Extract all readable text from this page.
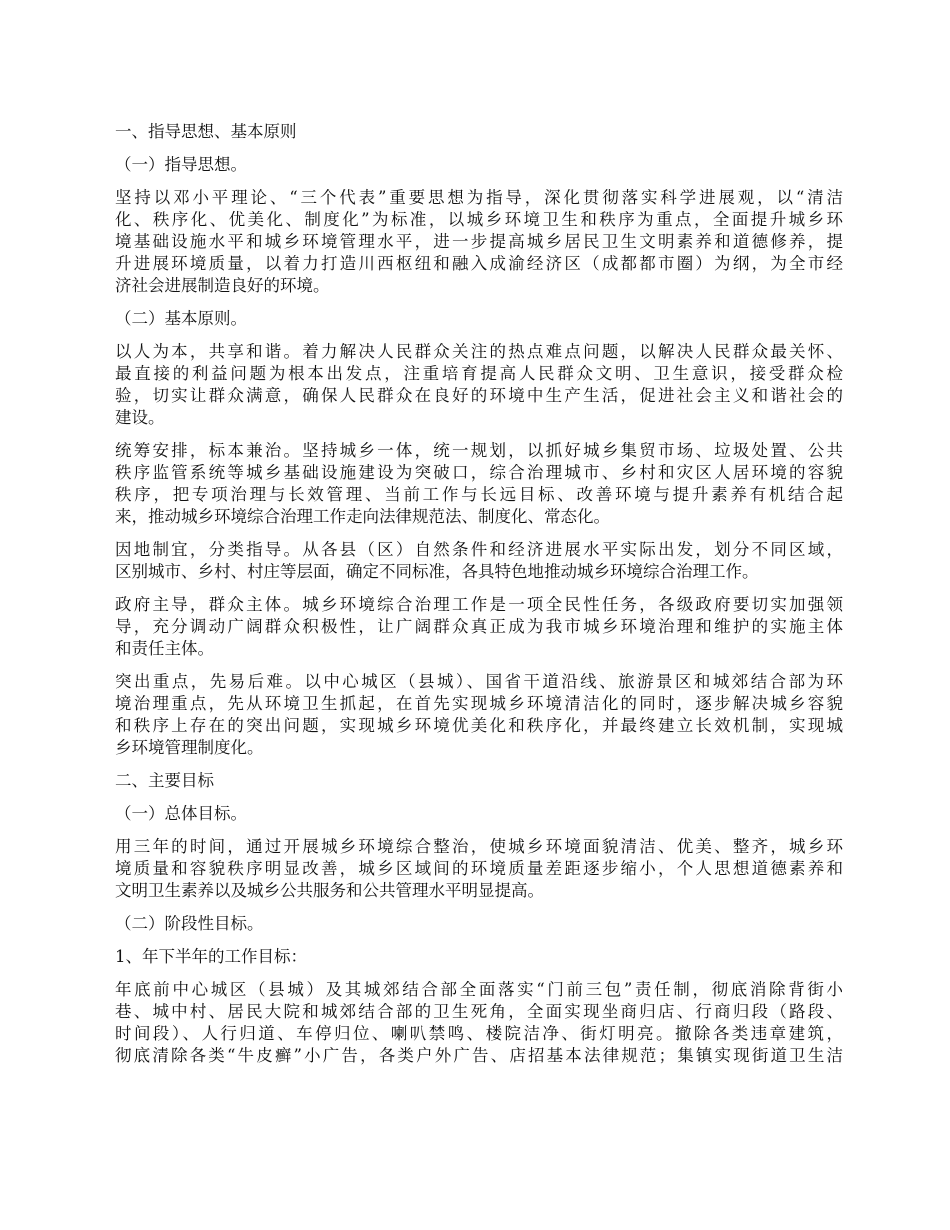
一、指导思想、基本原则
（一）指导思想。
坚持以邓小平理论、“三个代表”重要思想为指导，深化贯彻落实科学进展观，以“清洁
化、秩序化、优美化、制度化”为标准，以城乡环境卫生和秩序为重点，全面提升城乡环
境基础设施水平和城乡环境管理水平，进一步提高城乡居民卫生文明素养和道德修养，提
升进展环境质量，以着力打造川西枢纽和融入成渝经济区（成都都市圈）为纲，为全市经
济社会进展制造良好的环境。
（二）基本原则。
以人为本，共享和谐。着力解决人民群众关注的热点难点问题，以解决人民群众最关怀、
最直接的利益问题为根本出发点，注重培育提高人民群众文明、卫生意识，接受群众检
验，切实让群众满意，确保人民群众在良好的环境中生产生活，促进社会主义和谐社会的
建设。
统筹安排，标本兼治。坚持城乡一体，统一规划，以抓好城乡集贸市场、垃圾处置、公共
秩序监管系统等城乡基础设施建设为突破口，综合治理城市、乡村和灾区人居环境的容貌
秩序，把专项治理与长效管理、当前工作与长远目标、改善环境与提升素养有机结合起
来，推动城乡环境综合治理工作走向法律规范法、制度化、常态化。
因地制宜，分类指导。从各县（区）自然条件和经济进展水平实际出发，划分不同区域，
区别城市、乡村、村庄等层面，确定不同标准，各具特色地推动城乡环境综合治理工作。
政府主导，群众主体。城乡环境综合治理工作是一项全民性任务，各级政府要切实加强领
导，充分调动广阔群众积极性，让广阔群众真正成为我市城乡环境治理和维护的实施主体
和责任主体。
突出重点，先易后难。以中心城区（县城）、国省干道沿线、旅游景区和城郊结合部为环
境治理重点，先从环境卫生抓起，在首先实现城乡环境清洁化的同时，逐步解决城乡容貌
和秩序上存在的突出问题，实现城乡环境优美化和秩序化，并最终建立长效机制，实现城
乡环境管理制度化。
二、主要目标
（一）总体目标。
用三年的时间，通过开展城乡环境综合整治，使城乡环境面貌清洁、优美、整齐，城乡环
境质量和容貌秩序明显改善，城乡区域间的环境质量差距逐步缩小，个人思想道德素养和
文明卫生素养以及城乡公共服务和公共管理水平明显提高。
（二）阶段性目标。
1、年下半年的工作目标：
年底前中心城区（县城）及其城郊结合部全面落实“门前三包”责任制，彻底消除背街小
巷、城中村、居民大院和城郊结合部的卫生死角，全面实现坐商归店、行商归段（路段、
时间段）、人行归道、车停归位、喇叭禁鸣、楼院洁净、街灯明亮。撤除各类违章建筑，
彻底清除各类“牛皮癣”小广告，各类户外广告、店招基本法律规范；集镇实现街道卫生洁
